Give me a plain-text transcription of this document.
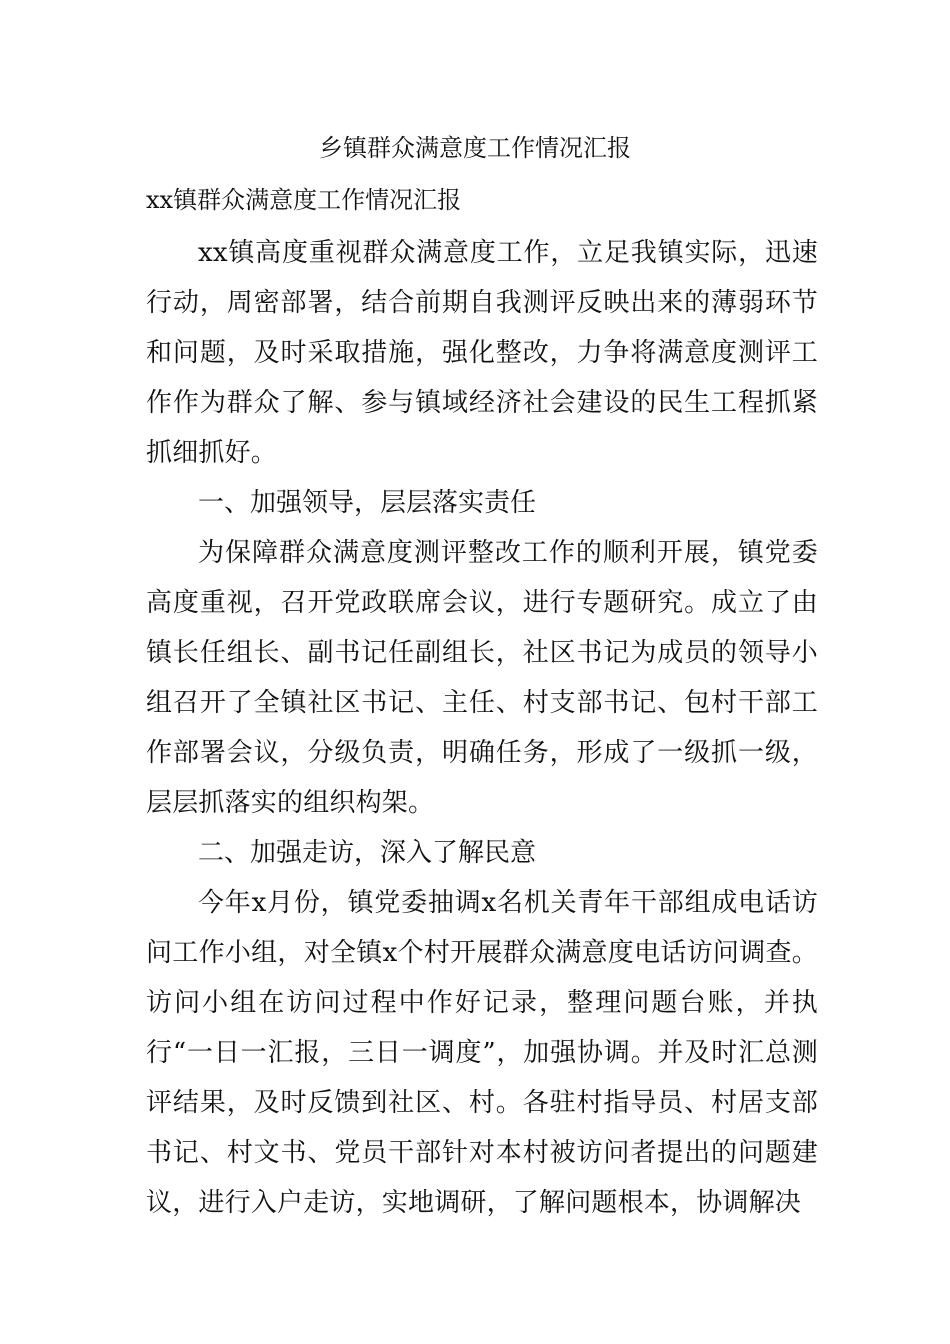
乡镇群众满意度工作情况汇报

xx镇群众满意度工作情况汇报

xx镇高度重视群众满意度工作，立足我镇实际，迅速行动，周密部署，结合前期自我测评反映出来的薄弱环节和问题，及时采取措施，强化整改，力争将满意度测评工作作为群众了解、参与镇域经济社会建设的民生工程抓紧抓细抓好。

一、加强领导，层层落实责任

为保障群众满意度测评整改工作的顺利开展，镇党委高度重视，召开党政联席会议，进行专题研究。成立了由镇长任组长、副书记任副组长，社区书记为成员的领导小组召开了全镇社区书记、主任、村支部书记、包村干部工作部署会议，分级负责，明确任务，形成了一级抓一级，层层抓落实的组织构架。

二、加强走访，深入了解民意

今年x月份，镇党委抽调x名机关青年干部组成电话访问工作小组，对全镇x个村开展群众满意度电话访问调查。访问小组在访问过程中作好记录，整理问题台账，并执行“一日一汇报，三日一调度”，加强协调。并及时汇总测评结果，及时反馈到社区、村。各驻村指导员、村居支部书记、村文书、党员干部针对本村被访问者提出的问题建议，进行入户走访，实地调研，了解问题根本，协调解决
